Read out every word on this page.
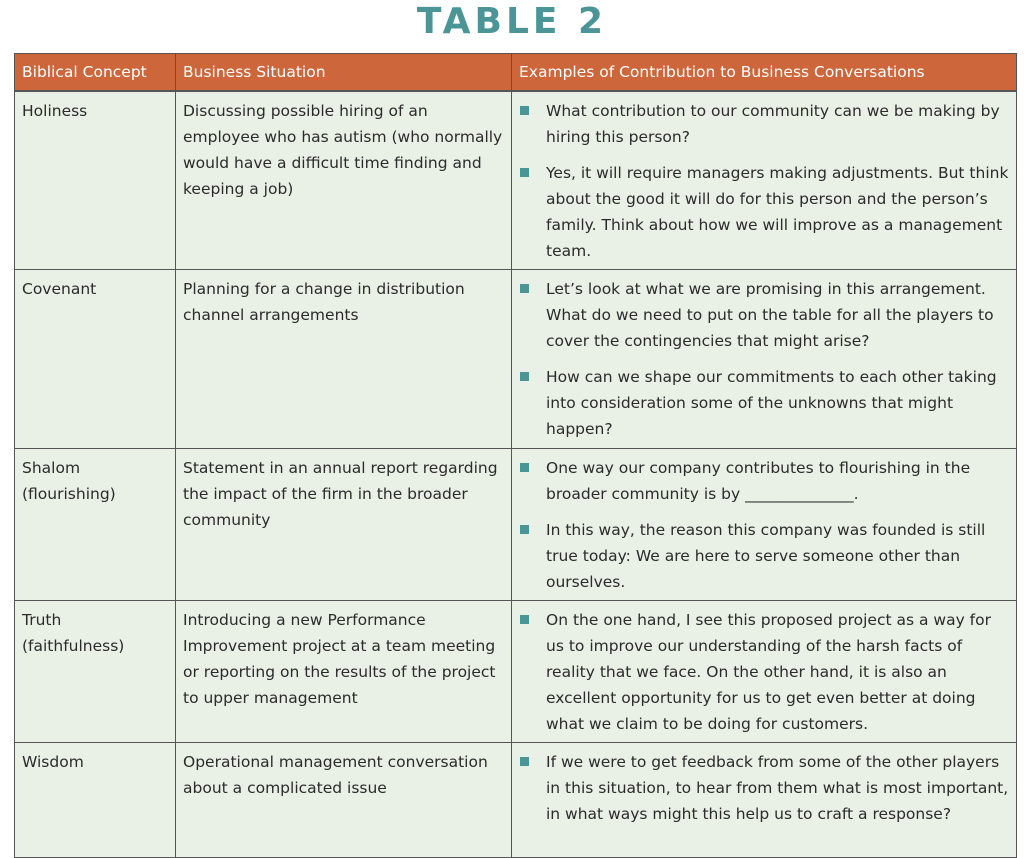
TABLE 2
Biblical Concept	Business Situation	Examples of Contribution to Business Conversations
Holiness	Discussing possible hiring of an employee who has autism (who normally would have a difficult time finding and keeping a job)	What contribution to our community can we be making by hiring this person?
Yes, it will require managers making adjustments. But think about the good it will do for this person and the person’s family. Think about how we will improve as a management team.

Covenant	Planning for a change in distribution channel arrangements	Let’s look at what we are promising in this arrangement. What do we need to put on the table for all the players to cover the contingencies that might arise?
How can we shape our commitments to each other taking into consideration some of the unknowns that might happen?

Shalom (flourishing)	Statement in an annual report regarding the impact of the firm in the broader community	One way our company contributes to flourishing in the broader community is by ______________.
In this way, the reason this company was founded is still true today: We are here to serve someone other than ourselves.

Truth (faithfulness)	Introducing a new Performance Improvement project at a team meeting or reporting on the results of the project to upper management	On the one hand, I see this proposed project as a way for us to improve our understanding of the harsh facts of reality that we face. On the other hand, it is also an excellent opportunity for us to get even better at doing what we claim to be doing for customers.

Wisdom	Operational management conversation about a complicated issue	If we were to get feedback from some of the other players in this situation, to hear from them what is most important, in what ways might this help us to craft a response?
